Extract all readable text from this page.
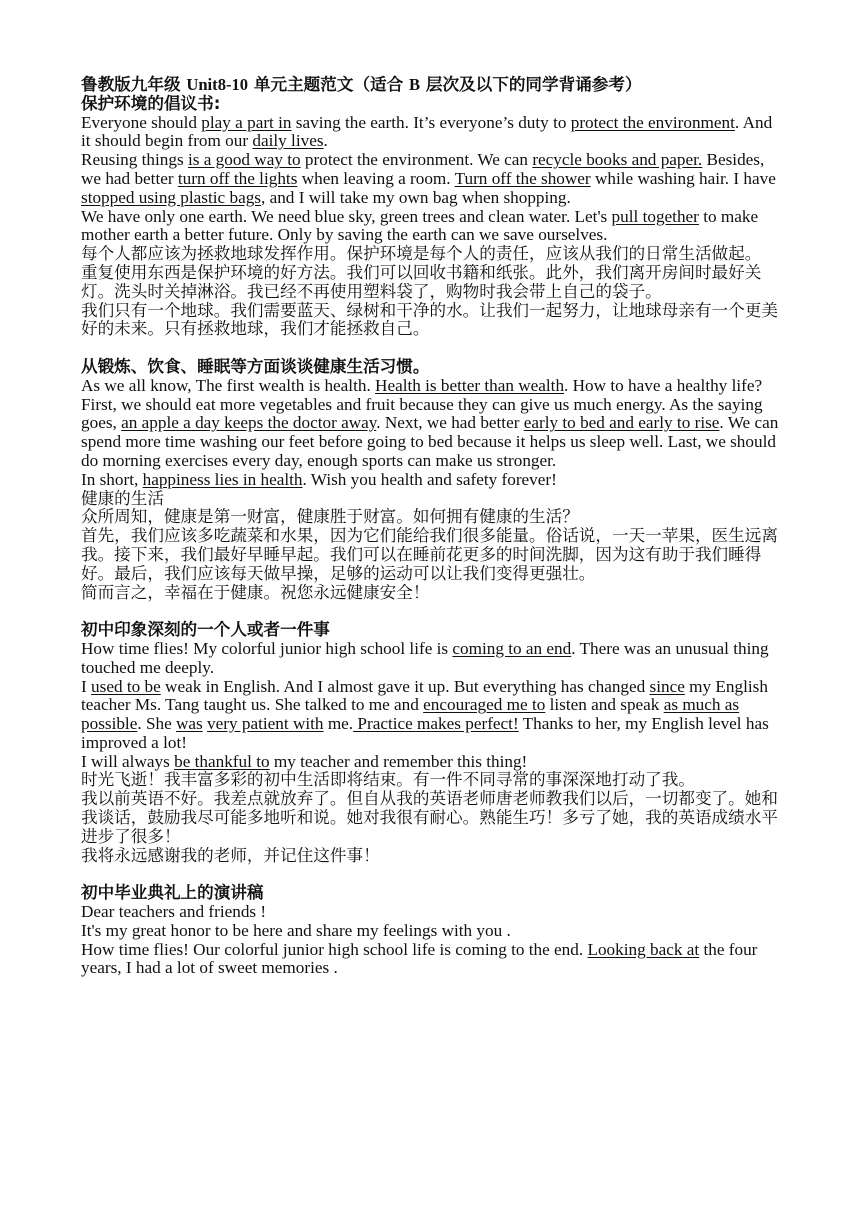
鲁教版九年级 Unit8-10 单元主题范文（适合 B 层次及以下的同学背诵参考）
保护环境的倡议书:
Everyone should play a part in saving the earth. It’s everyone’s duty to protect the environment. And it should begin from our daily lives.
Reusing things is a good way to protect the environment. We can recycle books and paper. Besides, we had better turn off the lights when leaving a room. Turn off the shower while washing hair. I have stopped using plastic bags, and I will take my own bag when shopping.
We have only one earth. We need blue sky, green trees and clean water. Let's pull together to make mother earth a better future. Only by saving the earth can we save ourselves.
每个人都应该为拯救地球发挥作用。保护环境是每个人的责任，应该从我们的日常生活做起。
重复使用东西是保护环境的好方法。我们可以回收书籍和纸张。此外，我们离开房间时最好关灯。洗头时关掉淋浴。我已经不再使用塑料袋了，购物时我会带上自己的袋子。
我们只有一个地球。我们需要蓝天、绿树和干净的水。让我们一起努力，让地球母亲有一个更美好的未来。只有拯救地球，我们才能拯救自己。
从锻炼、饮食、睡眠等方面谈谈健康生活习惯。
As we all know, The first wealth is health. Health is better than wealth. How to have a healthy life?
First, we should eat more vegetables and fruit because they can give us much energy. As the saying goes, an apple a day keeps the doctor away. Next, we had better early to bed and early to rise. We can spend more time washing our feet before going to bed because it helps us sleep well. Last, we should do morning exercises every day, enough sports can make us stronger.
In short, happiness lies in health. Wish you health and safety forever!
健康的生活
众所周知，健康是第一财富，健康胜于财富。如何拥有健康的生活？
首先，我们应该多吃蔬菜和水果，因为它们能给我们很多能量。俗话说，一天一苹果，医生远离我。接下来，我们最好早睡早起。我们可以在睡前花更多的时间洗脚，因为这有助于我们睡得好。最后，我们应该每天做早操，足够的运动可以让我们变得更强壮。
简而言之，幸福在于健康。祝您永远健康安全！
初中印象深刻的一个人或者一件事
How time flies! My colorful junior high school life is coming to an end. There was an unusual thing touched me deeply.
I used to be weak in English. And I almost gave it up. But everything has changed since my English teacher Ms. Tang taught us. She talked to me and encouraged me to listen and speak as much as possible. She was very patient with me. Practice makes perfect! Thanks to her, my English level has improved a lot!
I will always be thankful to my teacher and remember this thing!
时光飞逝！我丰富多彩的初中生活即将结束。有一件不同寻常的事深深地打动了我。
我以前英语不好。我差点就放弃了。但自从我的英语老师唐老师教我们以后，一切都变了。她和我谈话，鼓励我尽可能多地听和说。她对我很有耐心。熟能生巧！多亏了她，我的英语成绩水平进步了很多！
我将永远感谢我的老师，并记住这件事！
初中毕业典礼上的演讲稿
Dear teachers and friends !
It's my great honor to be here and share my feelings with you .
How time flies! Our colorful junior high school life is coming to the end. Looking back at the four years, I had a lot of sweet memories .
